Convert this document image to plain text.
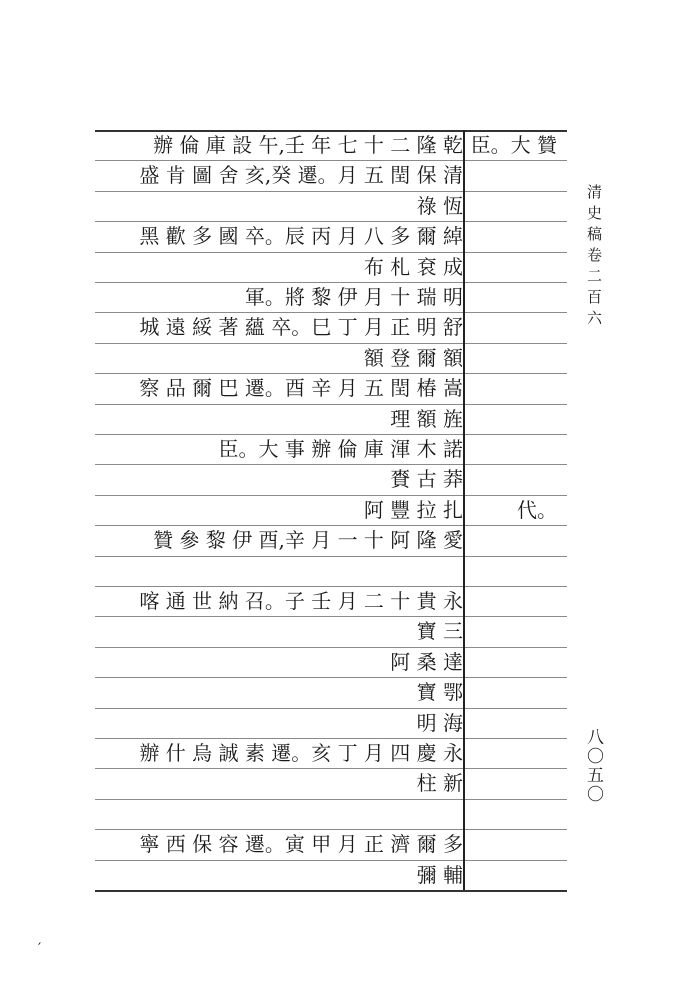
辦 倫 庫 設 午,壬 年 七 十 二 隆 乾
盛 肯 圖 舍 亥,癸 遷。月 五 閏 保 清
祿 恆
黑 歡 多 國 卒。辰 丙 月 八 多 爾 綽
布 札 袞 成
軍。將 黎 伊 月 十 瑞 明
城 遠 綏 著 蘊 卒。巳 丁 月 正 明 舒
額 登 爾 額
察 品 爾 巴 遷。酉 辛 月 五 閏 椿 嵩
理 額 旌
臣。大 事 辦 倫 庫 渾 木 諾
賚 古 莽
阿 豐 拉 扎
贊 參 黎 伊 酉,辛 月 一 十 阿 隆 愛
喀 通 世 納 召。子 壬 月 二 十 貴 永
寶 三
阿 桑 達
寶 鄂
明 海
辦 什 烏 誠 素 遷。亥 丁 月 四 慶 永
柱 新
寧 西 保 容 遷。寅 甲 月 正 濟 爾 多
彌 輔
臣。大 贊
代。
清史稿卷二百六
八〇五〇
′
